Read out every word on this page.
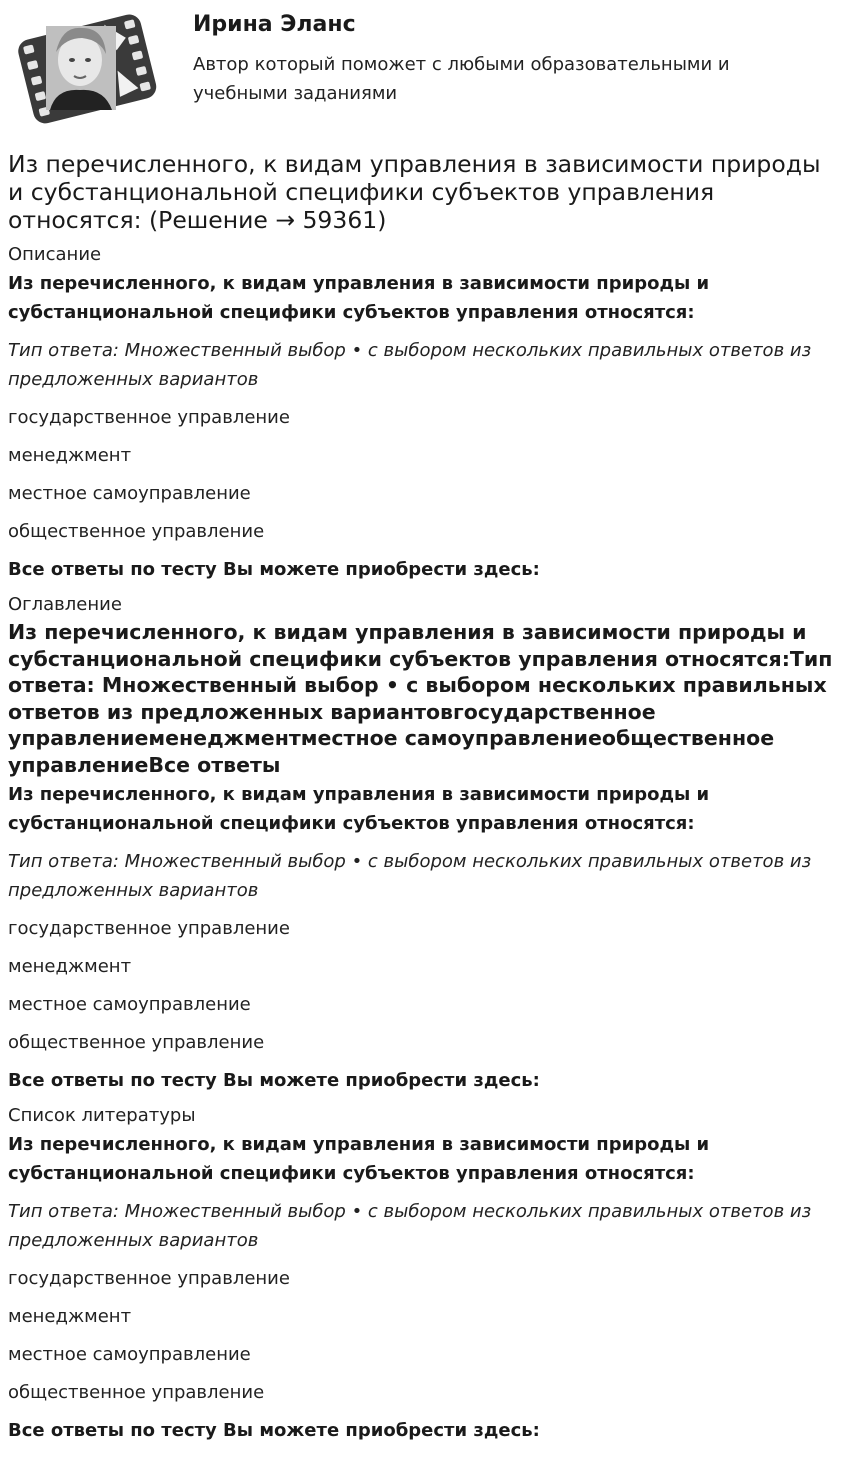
Ирина Эланс
Автор который поможет с любыми образовательными и учебными заданиями
Из перечисленного, к видам управления в зависимости природы и субстанциональной специфики субъектов управления относятся: (Решение → 59361)
Описание
Из перечисленного, к видам управления в зависимости природы и субстанциональной специфики субъектов управления относятся:
Тип ответа: Множественный выбор • с выбором нескольких правильных ответов из предложенных вариантов
государственное управление
менеджмент
местное самоуправление
общественное управление
Все ответы по тесту Вы можете приобрести здесь:
Оглавление
Из перечисленного, к видам управления в зависимости природы и субстанциональной специфики субъектов управления относятся:Тип ответа: Множественный выбор • с выбором нескольких правильных ответов из предложенных вариантовгосударственное управлениеменеджментместное самоуправлениеобщественное управлениеВсе ответы
Из перечисленного, к видам управления в зависимости природы и субстанциональной специфики субъектов управления относятся:
Тип ответа: Множественный выбор • с выбором нескольких правильных ответов из предложенных вариантов
государственное управление
менеджмент
местное самоуправление
общественное управление
Все ответы по тесту Вы можете приобрести здесь:
Список литературы
Из перечисленного, к видам управления в зависимости природы и субстанциональной специфики субъектов управления относятся:
Тип ответа: Множественный выбор • с выбором нескольких правильных ответов из предложенных вариантов
государственное управление
менеджмент
местное самоуправление
общественное управление
Все ответы по тесту Вы можете приобрести здесь:
